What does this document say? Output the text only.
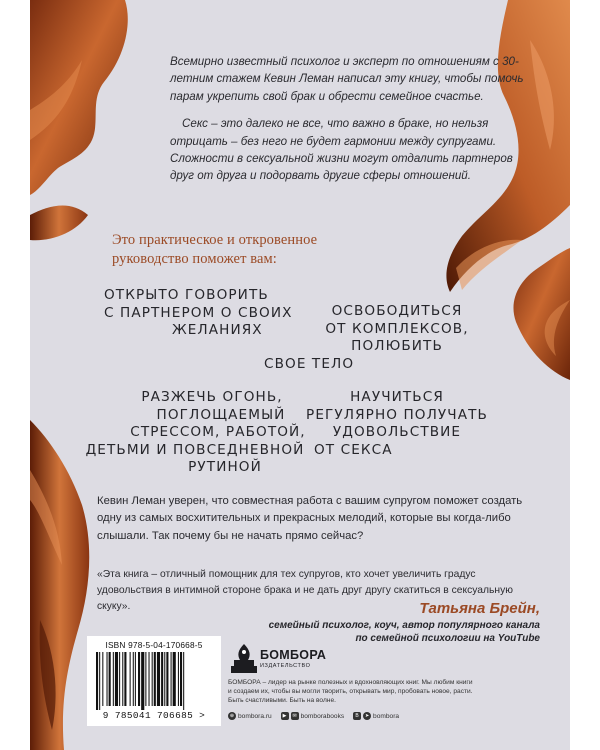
Всемирно известный психолог и эксперт по отношениям с 30-летним стажем Кевин Леман написал эту книгу, чтобы помочь парам укрепить свой брак и обрести семейное счастье.

Секс – это далеко не все, что важно в браке, но нельзя отрицать – без него не будет гармонии между супругами. Сложности в сексуальной жизни могут отдалить партнеров друг от друга и подорвать другие сферы отношений.

Это практическое и откровенное
руководство поможет вам:
ОТКРЫТО ГОВОРИТЬ
С ПАРТНЕРОМ О СВОИХ
ЖЕЛАНИЯХ
ОСВОБОДИТЬСЯ
ОТ КОМПЛЕКСОВ,
ПОЛЮБИТЬ
СВОЕ ТЕЛО
РАЗЖЕЧЬ ОГОНЬ,
ПОГЛОЩАЕМЫЙ
СТРЕССОМ, РАБОТОЙ,
ДЕТЬМИ И ПОВСЕДНЕВНОЙ
РУТИНОЙ
НАУЧИТЬСЯ
РЕГУЛЯРНО ПОЛУЧАТЬ
УДОВОЛЬСТВИЕ
ОТ СЕКСА
Кевин Леман уверен, что совместная работа с вашим супругом поможет создать одну из самых восхитительных и прекрасных мелодий, которые вы когда-либо слышали. Так почему бы не начать прямо сейчас?
«Эта книга – отличный помощник для тех супругов, кто хочет увеличить градус удовольствия в интимной стороне брака и не дать друг другу скатиться в сексуальную скуку».	Татьяна Брейн,
семейный психолог, коуч, автор популярного канала
по семейной психологии на YouTube
ISBN 978-5-04-170668-5
9 785041 706685 >
БОМБОРА
ИЗДАТЕЛЬСТВО
БОМБОРА – лидер на рынке полезных и вдохновляющих книг. Мы любим книги и создаем их, чтобы вы могли творить, открывать мир, пробовать новое, расти. Быть счастливыми. Быть на волне.
⊕ bombora.ru ▶ ✉ bomborabooks В ➤ bombora
